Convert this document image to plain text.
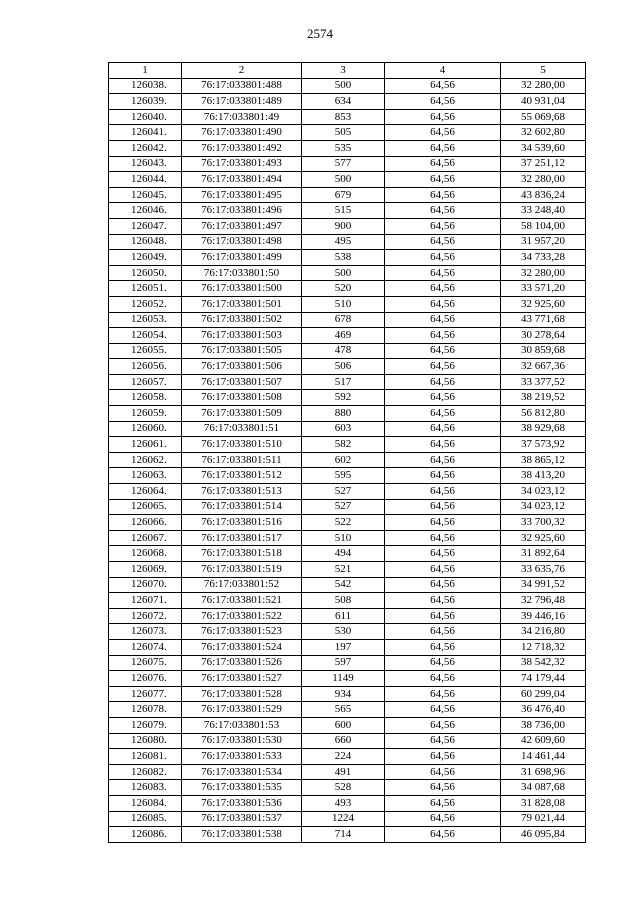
2574
1	2	3	4	5
126038.	76:17:033801:488	500	64,56	32 280,00
126039.	76:17:033801:489	634	64,56	40 931,04
126040.	76:17:033801:49	853	64,56	55 069,68
126041.	76:17:033801:490	505	64,56	32 602,80
126042.	76:17:033801:492	535	64,56	34 539,60
126043.	76:17:033801:493	577	64,56	37 251,12
126044.	76:17:033801:494	500	64,56	32 280,00
126045.	76:17:033801:495	679	64,56	43 836,24
126046.	76:17:033801:496	515	64,56	33 248,40
126047.	76:17:033801:497	900	64,56	58 104,00
126048.	76:17:033801:498	495	64,56	31 957,20
126049.	76:17:033801:499	538	64,56	34 733,28
126050.	76:17:033801:50	500	64,56	32 280,00
126051.	76:17:033801:500	520	64,56	33 571,20
126052.	76:17:033801:501	510	64,56	32 925,60
126053.	76:17:033801:502	678	64,56	43 771,68
126054.	76:17:033801:503	469	64,56	30 278,64
126055.	76:17:033801:505	478	64,56	30 859,68
126056.	76:17:033801:506	506	64,56	32 667,36
126057.	76:17:033801:507	517	64,56	33 377,52
126058.	76:17:033801:508	592	64,56	38 219,52
126059.	76:17:033801:509	880	64,56	56 812,80
126060.	76:17:033801:51	603	64,56	38 929,68
126061.	76:17:033801:510	582	64,56	37 573,92
126062.	76:17:033801:511	602	64,56	38 865,12
126063.	76:17:033801:512	595	64,56	38 413,20
126064.	76:17:033801:513	527	64,56	34 023,12
126065.	76:17:033801:514	527	64,56	34 023,12
126066.	76:17:033801:516	522	64,56	33 700,32
126067.	76:17:033801:517	510	64,56	32 925,60
126068.	76:17:033801:518	494	64,56	31 892,64
126069.	76:17:033801:519	521	64,56	33 635,76
126070.	76:17:033801:52	542	64,56	34 991,52
126071.	76:17:033801:521	508	64,56	32 796,48
126072.	76:17:033801:522	611	64,56	39 446,16
126073.	76:17:033801:523	530	64,56	34 216,80
126074.	76:17:033801:524	197	64,56	12 718,32
126075.	76:17:033801:526	597	64,56	38 542,32
126076.	76:17:033801:527	1149	64,56	74 179,44
126077.	76:17:033801:528	934	64,56	60 299,04
126078.	76:17:033801:529	565	64,56	36 476,40
126079.	76:17:033801:53	600	64,56	38 736,00
126080.	76:17:033801:530	660	64,56	42 609,60
126081.	76:17:033801:533	224	64,56	14 461,44
126082.	76:17:033801:534	491	64,56	31 698,96
126083.	76:17:033801:535	528	64,56	34 087,68
126084.	76:17:033801:536	493	64,56	31 828,08
126085.	76:17:033801:537	1224	64,56	79 021,44
126086.	76:17:033801:538	714	64,56	46 095,84
